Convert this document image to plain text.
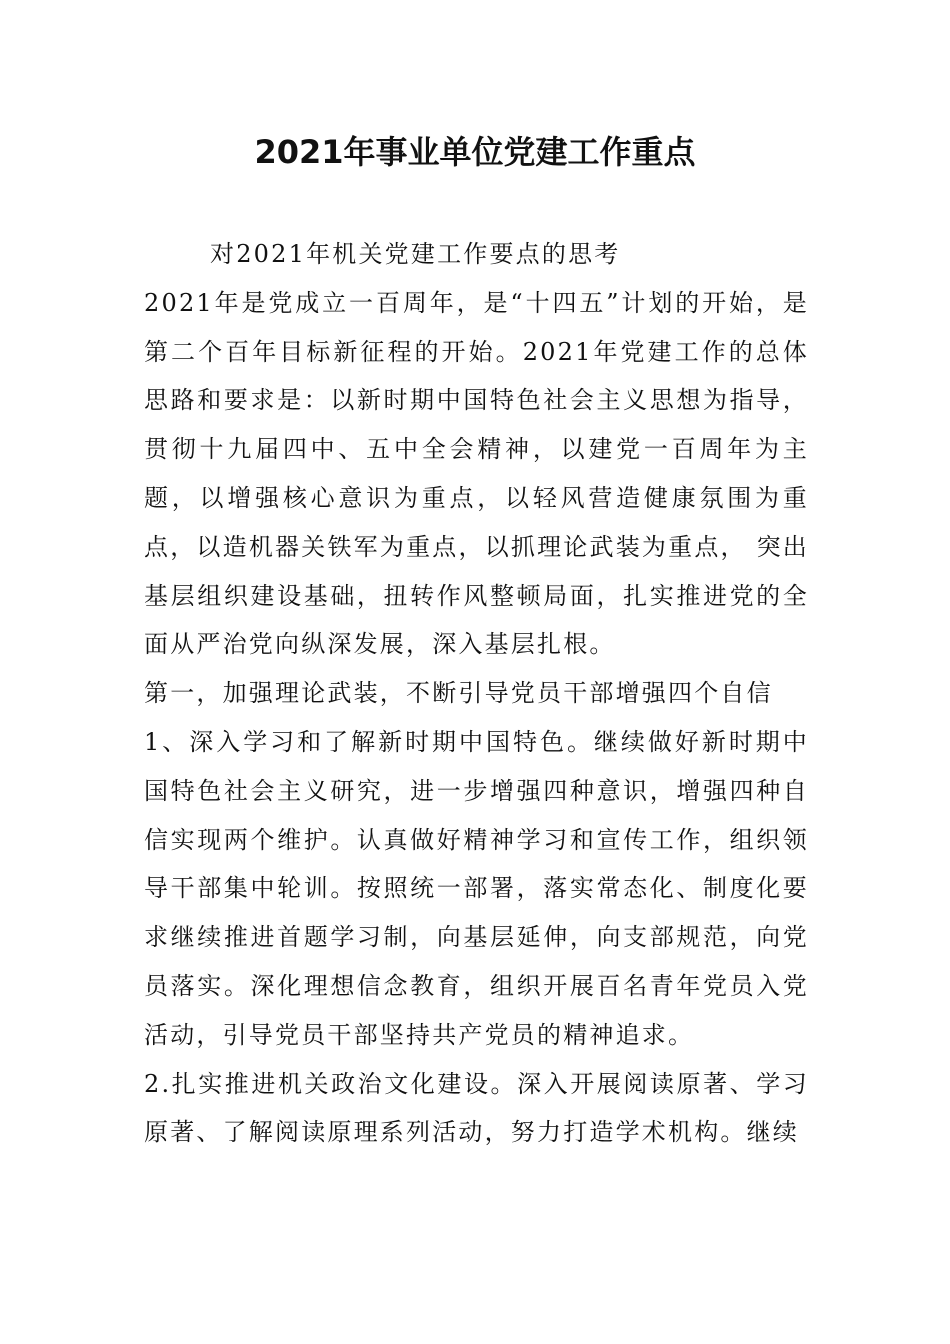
2021年事业单位党建工作重点

对2021年机关党建工作要点的思考

2021年是党成立一百周年，是“十四五”计划的开始，是第二个百年目标新征程的开始。2021年党建工作的总体思路和要求是：以新时期中国特色社会主义思想为指导，贯彻十九届四中、五中全会精神，以建党一百周年为主题，以增强核心意识为重点，以轻风营造健康氛围为重点，以造机器关铁军为重点，以抓理论武装为重点， 突出基层组织建设基础，扭转作风整顿局面，扎实推进党的全面从严治党向纵深发展，深入基层扎根。

第一，加强理论武装，不断引导党员干部增强四个自信

1、深入学习和了解新时期中国特色。继续做好新时期中国特色社会主义研究，进一步增强四种意识，增强四种自信实现两个维护。认真做好精神学习和宣传工作，组织领导干部集中轮训。按照统一部署，落实常态化、制度化要求继续推进首题学习制，向基层延伸，向支部规范，向党员落实。深化理想信念教育，组织开展百名青年党员入党活动，引导党员干部坚持共产党员的精神追求。

2.扎实推进机关政治文化建设。深入开展阅读原著、学习原著、了解阅读原理系列活动，努力打造学术机构。继续
